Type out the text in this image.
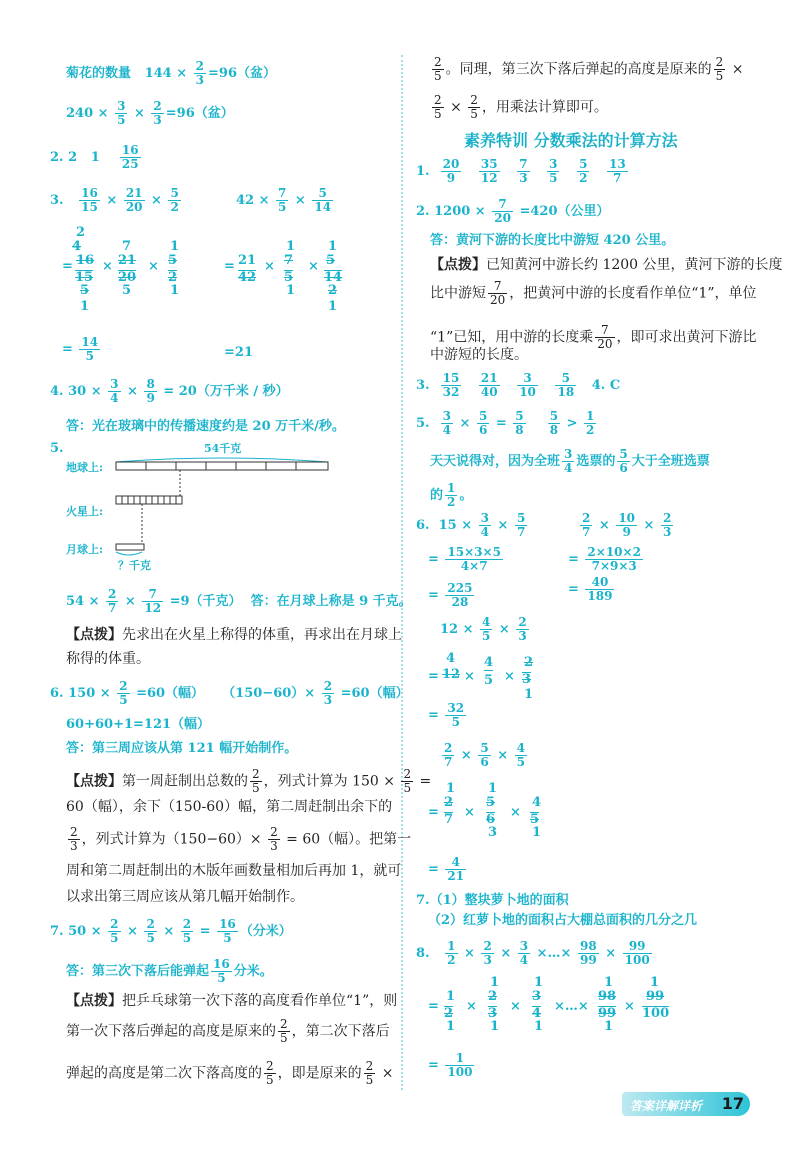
菊花的数量   $144 \times \frac{2}{3} =96$（盆）
$240 \times \frac{3}{5} \times \frac{2}{3} =96$（盆）
2. 2   $1 \frac{16}{25}$
3. $\frac{16}{15} \times \frac{21}{20} \times \frac{5}{2}$	$42 \times \frac{7}{5} \times \frac{5}{14}$
2
4
= 16
15
5
1
×
7
21
20
5
×
1
5
2
1
21
=
42
×
1
7
5
1
×
1
5
14
2
1
= $\frac{14}{5}$	=21
4. $30 \times \frac{3}{4} \times \frac{8}{9} = 20$（万千米 / 秒）
答：光在玻璃中的传播速度约是 20 万千米/秒。
5.	54千克
地球上:
火星上:
月球上:
？千克
$54 \times \frac{2}{7} \times \frac{7}{12} =9$（千克）  答：在月球上称是 9 千克。
【点拨】先求出在火星上称得的体重，再求出在月球上
称得的体重。
6. $150 \times \frac{2}{5} =60$（幅）    $(150-60)\times \frac{2}{3} =60$（幅）
60+60+1=121（幅）
答：第三周应该从第 121 幅开始制作。
【点拨】第一周赶制出总数的 $\frac{2}{5}$ ，列式计算为 $150 \times \frac{2}{5}$ =
60（幅），余下（150-60）幅，第二周赶制出余下的
$\frac{2}{3}$ ，列式计算为$(150-60)\times \frac{2}{3} = 60$（幅）。把第一
周和第二周赶制出的木版年画数量相加后再加 1，就可
以求出第三周应该从第几幅开始制作。
7. $50 \times \frac{2}{5} \times \frac{2}{5} \times \frac{2}{5} = \frac{16}{5}$ （分米）
答：第三次下落后能弹起 $\frac{16}{5}$ 分米。
【点拨】把乒乓球第一次下落的高度看作单位“1”，则
第一次下落后弹起的高度是原来的 $\frac{2}{5}$ ，第二次下落后
弹起的高度是第二次下落高度的 $\frac{2}{5}$ ，即是原来的 $\frac{2}{5}$ ×
$\frac{2}{5}$ 。同理，第三次下落后弹起的高度是原来的 $\frac{2}{5}$ ×
$\frac{2}{5} \times \frac{2}{5}$ ，用乘法计算即可。
素养特训 分数乘法的计算方法
1. $\frac{20}{9}$
$\frac{35}{12}$
$\frac{7}{3}$
$\frac{3}{5}$
$\frac{5}{2}$
$\frac{13}{7}$
2. $1200 \times \frac{7}{20} =420$（公里）
答：黄河下游的长度比中游短 420 公里。
【点拨】已知黄河中游长约 1200 公里，黄河下游的长度
比中游短 $\frac{7}{20}$ ，把黄河中游的长度看作单位“1”，单位
“1”已知，用中游的长度乘 $\frac{7}{20}$ ，即可求出黄河下游比
中游短的长度。
3. $\frac{15}{32}$
$\frac{21}{40}$
$\frac{3}{10}$
$\frac{5}{18} 4$. C
5. $\frac{3}{4} \times \frac{5}{6} = \frac{5}{8}$
$\frac{5}{8} > \frac{1}{2}$
天天说得对，因为全班 $\frac{3}{4}$ 选票的 $\frac{5}{6}$ 大于全班选票
的 $\frac{1}{2}$ 。
6.  $15 \times \frac{3}{4} \times \frac{5}{7}$	$\frac{2}{7} \times \frac{10}{9} \times \frac{2}{3}$
= $\frac{15\times 3\times 5}{4\times 7}$	= $\frac{2\times 10\times 2}{7\times 9\times 3}$
= $\frac{225}{28}$	= $\frac{40}{189}$
$12 \times \frac{4}{5} \times \frac{2}{3}$
4
= 12 ×
4
5 ×
2
3
1
= $\frac{32}{5}$
$\frac{2}{7} \times \frac{5}{6} \times \frac{4}{5}$
1
=
2
7 ×
1
5
6
3
×
4
5
1
= $\frac{4}{21}$
7.（1）整块萝卜地的面积
（2）红萝卜地的面积占大棚总面积的几分之几
8. $\frac{1}{2} \times \frac{2}{3} \times \frac{3}{4}$ ×…× $\frac{98}{99} \times \frac{99}{100}$
=
1
2
1
×
1
2
3
1
×
1
3
4
1
×…×
1
98
99
1
×
1
99
100
= $\frac{1}{100}$
答案详解详析 17
